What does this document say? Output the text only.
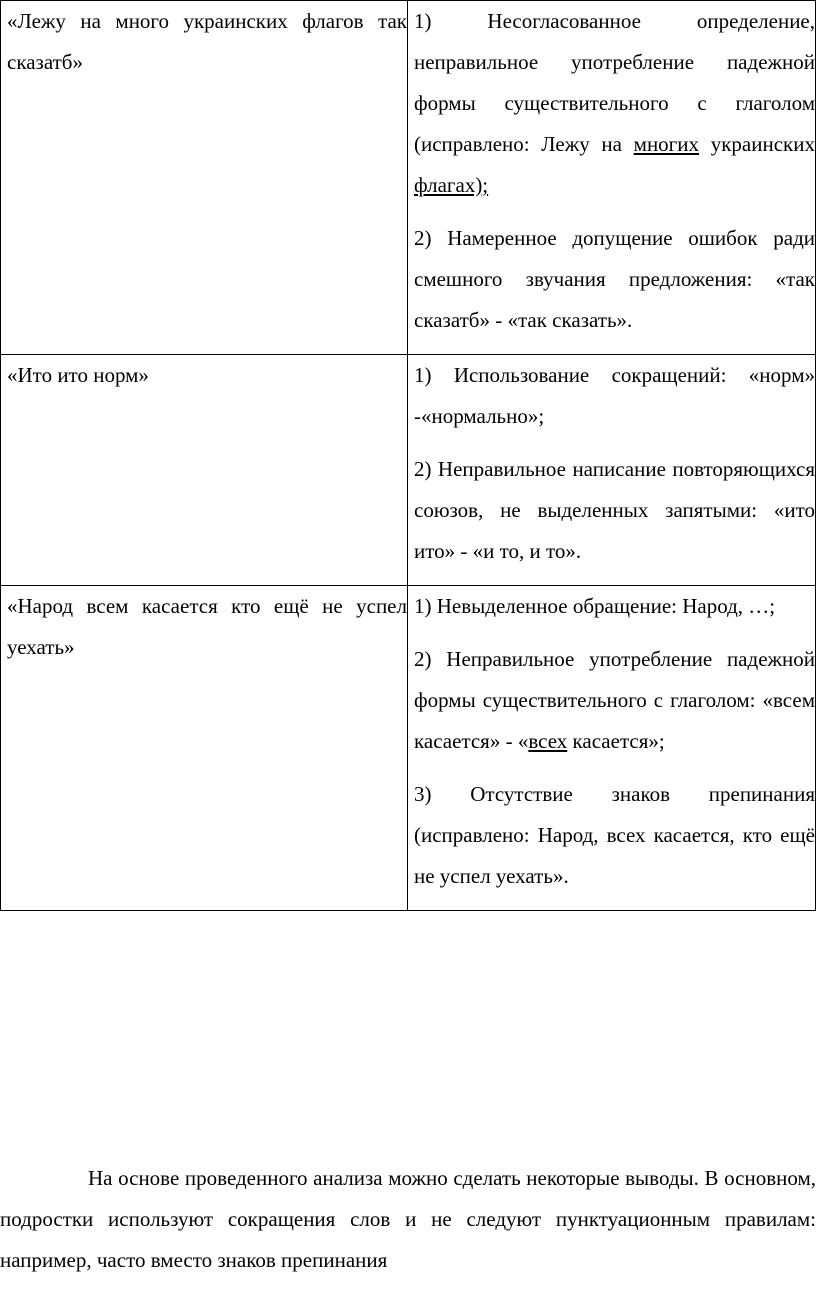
«Лежу на много украинских флагов так сказатб»	1) Несогласованное определение, неправильное употребление падежной формы существительного с глаголом (исправлено: Лежу на многих украинских флагах);

2) Намеренное допущение ошибок ради смешного звучания предложения: «так сказатб» - «так сказать».

«Ито ито норм»	1) Использование сокращений: «норм» -«нормально»;

2) Неправильное написание повторяющихся союзов, не выделенных запятыми: «ито ито» - «и то, и то».

«Народ всем касается кто ещё не успел уехать»	1) Невыделенное обращение: Народ, …;

2) Неправильное употребление падежной формы существительного с глаголом: «всем касается» - «всех касается»;

3) Отсутствие знаков препинания (исправлено: Народ, всех касается, кто ещё не успел уехать».

На основе проведенного анализа можно сделать некоторые выводы. В основном, подростки используют сокращения слов и не следуют пунктуационным правилам: например, часто вместо знаков препинания
